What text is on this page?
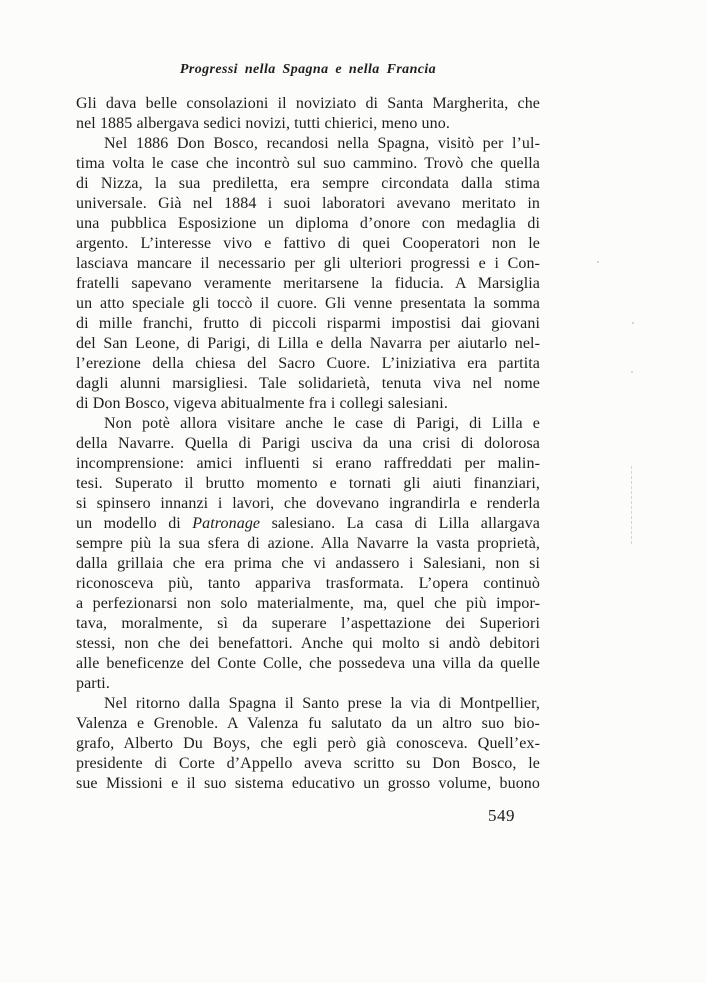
Progressi nella Spagna e nella Francia
Gli dava belle consolazioni il noviziato di Santa Margherita, che
nel 1885 albergava sedici novizi, tutti chierici, meno uno.
Nel 1886 Don Bosco, recandosi nella Spagna, visitò per l’ul-
tima volta le case che incontrò sul suo cammino. Trovò che quella
di Nizza, la sua prediletta, era sempre circondata dalla stima
universale. Già nel 1884 i suoi laboratori avevano meritato in
una pubblica Esposizione un diploma d’onore con medaglia di
argento. L’interesse vivo e fattivo di quei Cooperatori non le
lasciava mancare il necessario per gli ulteriori progressi e i Con-
fratelli sapevano veramente meritarsene la fiducia. A Marsiglia
un atto speciale gli toccò il cuore. Gli venne presentata la somma
di mille franchi, frutto di piccoli risparmi impostisi dai giovani
del San Leone, di Parigi, di Lilla e della Navarra per aiutarlo nel-
l’erezione della chiesa del Sacro Cuore. L’iniziativa era partita
dagli alunni marsigliesi. Tale solidarietà, tenuta viva nel nome
di Don Bosco, vigeva abitualmente fra i collegi salesiani.
Non potè allora visitare anche le case di Parigi, di Lilla e
della Navarre. Quella di Parigi usciva da una crisi di dolorosa
incomprensione: amici influenti si erano raffreddati per malin-
tesi. Superato il brutto momento e tornati gli aiuti finanziari,
si spinsero innanzi i lavori, che dovevano ingrandirla e renderla
un modello di Patronage salesiano. La casa di Lilla allargava
sempre più la sua sfera di azione. Alla Navarre la vasta proprietà,
dalla grillaia che era prima che vi andassero i Salesiani, non si
riconosceva più, tanto appariva trasformata. L’opera continuò
a perfezionarsi non solo materialmente, ma, quel che più impor-
tava, moralmente, sì da superare l’aspettazione dei Superiori
stessi, non che dei benefattori. Anche qui molto si andò debitori
alle beneficenze del Conte Colle, che possedeva una villa da quelle
parti.
Nel ritorno dalla Spagna il Santo prese la via di Montpellier,
Valenza e Grenoble. A Valenza fu salutato da un altro suo bio-
grafo, Alberto Du Boys, che egli però già conosceva. Quell’ex-
presidente di Corte d’Appello aveva scritto su Don Bosco, le
sue Missioni e il suo sistema educativo un grosso volume, buono
549
